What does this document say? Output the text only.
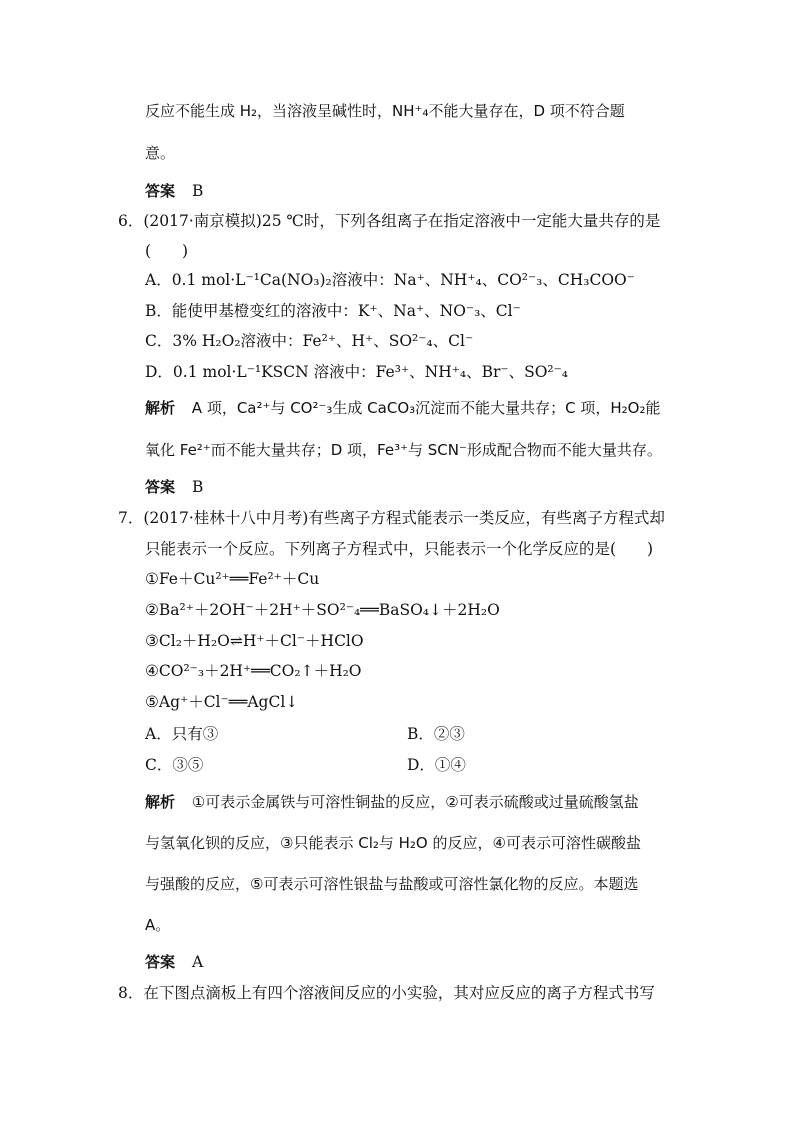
反应不能生成 H₂，当溶液呈碱性时，NH⁺₄不能大量存在，D 项不符合题
意。
答案 B
6．(2017·南京模拟)25 ℃时，下列各组离子在指定溶液中一定能大量共存的是
(　　)
A．0.1 mol·L⁻¹Ca(NO₃)₂溶液中：Na⁺、NH⁺₄、CO²⁻₃、CH₃COO⁻
B．能使甲基橙变红的溶液中：K⁺、Na⁺、NO⁻₃、Cl⁻
C．3% H₂O₂溶液中：Fe²⁺、H⁺、SO²⁻₄、Cl⁻
D．0.1 mol·L⁻¹KSCN 溶液中：Fe³⁺、NH⁺₄、Br⁻、SO²⁻₄
解析 A 项，Ca²⁺与 CO²⁻₃生成 CaCO₃沉淀而不能大量共存；C 项，H₂O₂能
氧化 Fe²⁺而不能大量共存；D 项，Fe³⁺与 SCN⁻形成配合物而不能大量共存。
答案 B
7．(2017·桂林十八中月考)有些离子方程式能表示一类反应，有些离子方程式却
只能表示一个反应。下列离子方程式中，只能表示一个化学反应的是(　　)
①Fe＋Cu²⁺══Fe²⁺＋Cu
②Ba²⁺＋2OH⁻＋2H⁺＋SO²⁻₄══BaSO₄↓＋2H₂O
③Cl₂＋H₂O⇌H⁺＋Cl⁻＋HClO
④CO²⁻₃＋2H⁺══CO₂↑＋H₂O
⑤Ag⁺＋Cl⁻══AgCl↓
A．只有③	B．②③
C．③⑤	D．①④
解析 ①可表示金属铁与可溶性铜盐的反应，②可表示硫酸或过量硫酸氢盐
与氢氧化钡的反应，③只能表示 Cl₂与 H₂O 的反应，④可表示可溶性碳酸盐
与强酸的反应，⑤可表示可溶性银盐与盐酸或可溶性氯化物的反应。本题选
A。
答案 A
8．在下图点滴板上有四个溶液间反应的小实验，其对应反应的离子方程式书写
